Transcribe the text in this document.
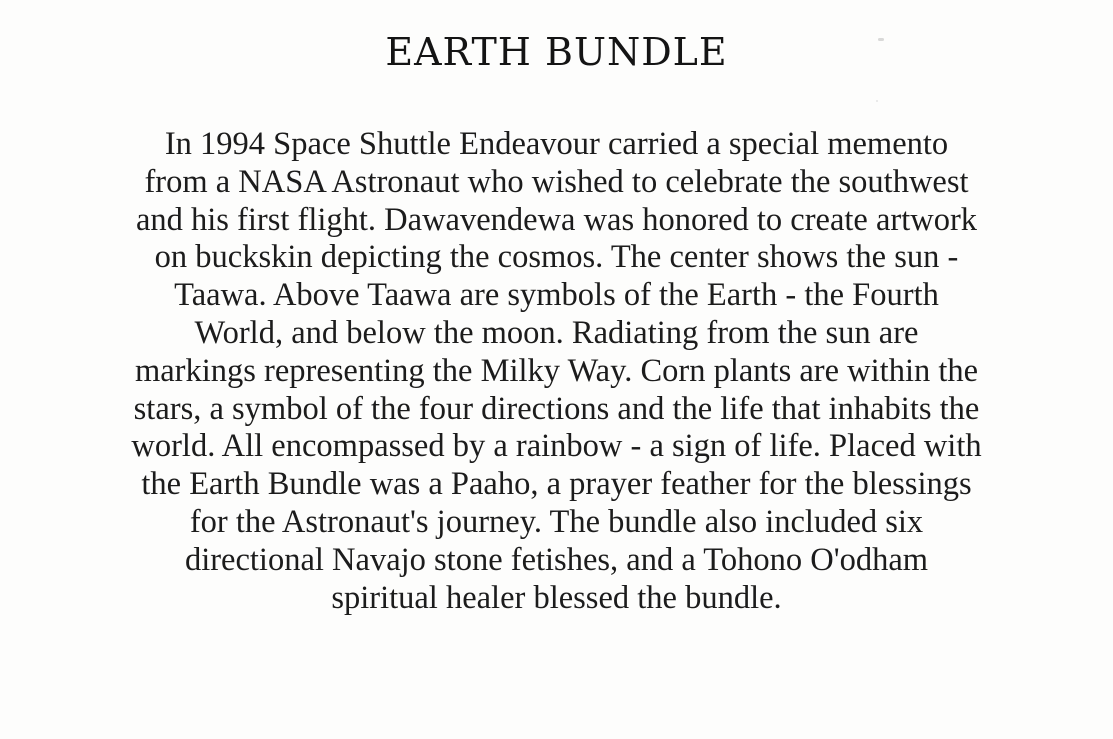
EARTH BUNDLE

In 1994 Space Shuttle Endeavour carried a special memento
from a NASA Astronaut who wished to celebrate the southwest
and his first flight. Dawavendewa was honored to create artwork
on buckskin depicting the cosmos. The center shows the sun -
Taawa. Above Taawa are symbols of the Earth - the Fourth
World, and below the moon. Radiating from the sun are
markings representing the Milky Way. Corn plants are within the
stars, a symbol of the four directions and the life that inhabits the
world. All encompassed by a rainbow - a sign of life. Placed with
the Earth Bundle was a Paaho, a prayer feather for the blessings
for the Astronaut's journey. The bundle also included six
directional Navajo stone fetishes, and a Tohono O'odham
spiritual healer blessed the bundle.
